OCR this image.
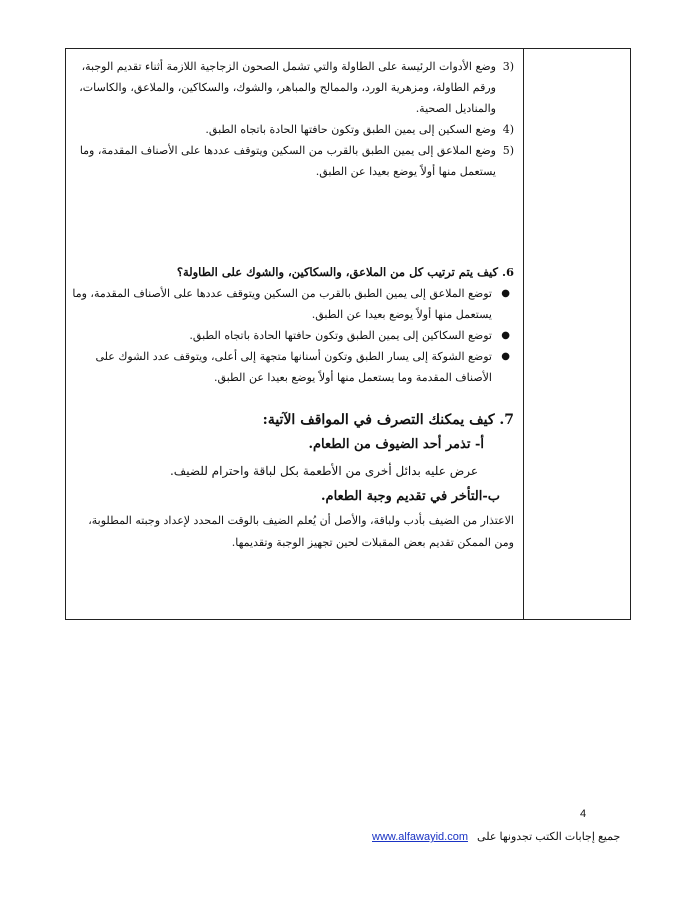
(3
وضع الأدوات الرئيسة على الطاولة والتي تشمل الصحون الزجاجية اللازمة أثناء تقديم الوجبة، ورقم الطاولة، ومزهرية الورد، والممالح والمباهر، والشوك، والسكاكين، والملاعق، والكاسات، والمناديل الصحية.
(4
وضع السكين إلى يمين الطبق وتكون حافتها الحادة باتجاه الطبق.
(5
وضع الملاعق إلى يمين الطبق بالقرب من السكين ويتوقف عددها على الأصناف المقدمة، وما يستعمل منها أولاً يوضع بعيدا عن الطبق.
6. كيف يتم ترتيب كل من الملاعق، والسكاكين، والشوك على الطاولة؟
●
توضع الملاعق إلى يمين الطبق بالقرب من السكين ويتوقف عددها على الأصناف المقدمة، وما يستعمل منها أولاً يوضع بعيدا عن الطبق.
●
توضع السكاكين إلى يمين الطبق وتكون حافتها الحادة باتجاه الطبق.
●
توضع الشوكة إلى يسار الطبق وتكون أسنانها متجهة إلى أعلى، ويتوقف عدد الشوك على الأصناف المقدمة وما يستعمل منها أولاً يوضع بعيدا عن الطبق.
7. كيف يمكنك التصرف في المواقف الآتية:
أ- تذمر أحد الضيوف من الطعام.
عرض عليه بدائل أخرى من الأطعمة بكل لباقة واحترام للضيف.
ب-التأخر في تقديم وجبة الطعام.
الاعتذار من الضيف بأدب ولباقة، والأصل أن يُعلم الضيف بالوقت المحدد لإعداد وجبته المطلوبة، ومن الممكن تقديم بعض المقبلات لحين تجهيز الوجبة وتقديمها.
4
www.alfawayid.com جميع إجابات الكتب تجدونها على
